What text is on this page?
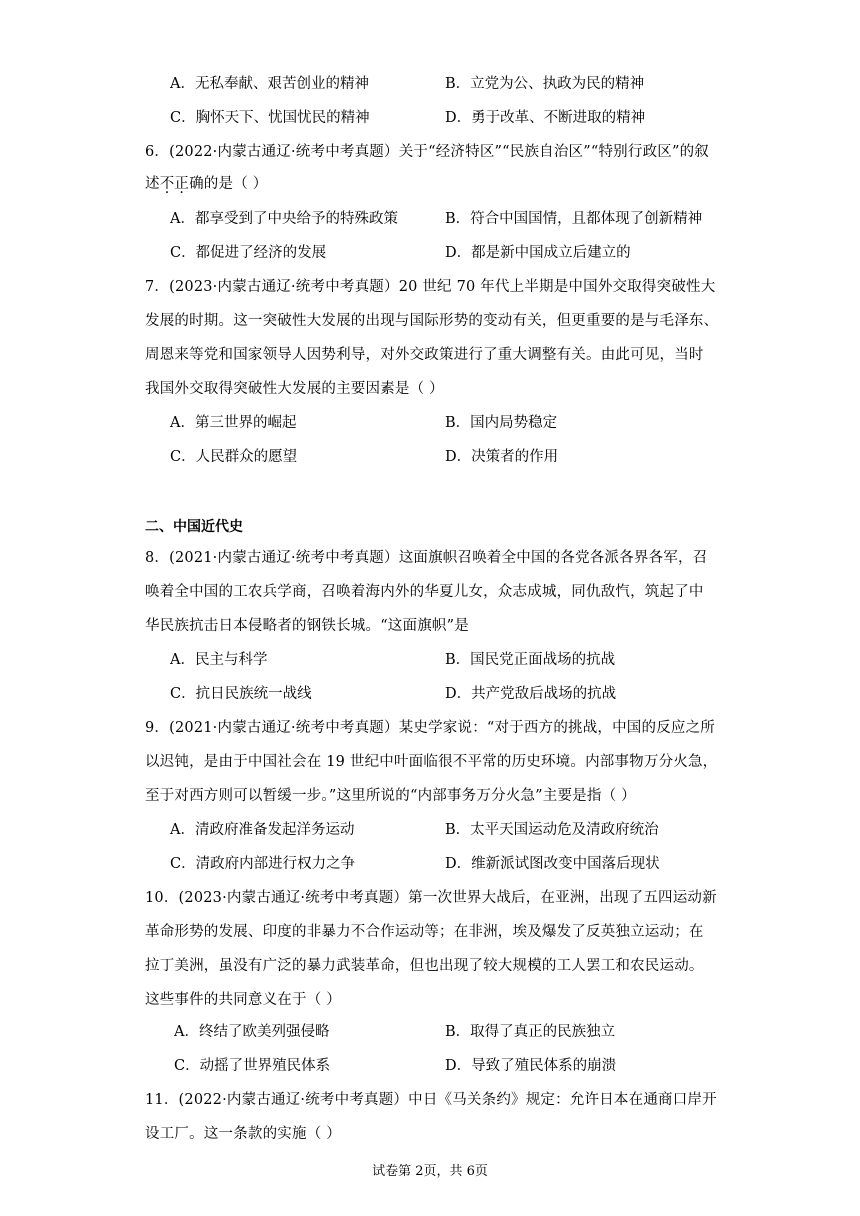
A．无私奉献、艰苦创业的精神	B．立党为公、执政为民的精神
C．胸怀天下、忧国忧民的精神	D．勇于改革、不断进取的精神
6．(2022·内蒙古通辽·统考中考真题）关于“经济特区”“民族自治区”“特别行政区”的叙
述不正确的是（ ）
A．都享受到了中央给予的特殊政策	B．符合中国国情，且都体现了创新精神
C．都促进了经济的发展	D．都是新中国成立后建立的
7．(2023·内蒙古通辽·统考中考真题）20 世纪 70 年代上半期是中国外交取得突破性大
发展的时期。这一突破性大发展的出现与国际形势的变动有关，但更重要的是与毛泽东、
周恩来等党和国家领导人因势利导，对外交政策进行了重大调整有关。由此可见，当时
我国外交取得突破性大发展的主要因素是（ ）
A．第三世界的崛起	B．国内局势稳定
C．人民群众的愿望	D．决策者的作用
二、中国近代史
8．(2021·内蒙古通辽·统考中考真题）这面旗帜召唤着全中国的各党各派各界各军，召
唤着全中国的工农兵学商，召唤着海内外的华夏儿女，众志成城，同仇敌忾，筑起了中
华民族抗击日本侵略者的钢铁长城。“这面旗帜”是
A．民主与科学	B．国民党正面战场的抗战
C．抗日民族统一战线	D．共产党敌后战场的抗战
9．(2021·内蒙古通辽·统考中考真题）某史学家说：“对于西方的挑战，中国的反应之所
以迟钝，是由于中国社会在 19 世纪中叶面临很不平常的历史环境。内部事物万分火急，
至于对西方则可以暂缓一步。”这里所说的“内部事务万分火急”主要是指（ ）
A．清政府准备发起洋务运动	B．太平天国运动危及清政府统治
C．清政府内部进行权力之争	D．维新派试图改变中国落后现状
10．(2023·内蒙古通辽·统考中考真题）第一次世界大战后，在亚洲，出现了五四运动新
革命形势的发展、印度的非暴力不合作运动等；在非洲，埃及爆发了反英独立运动；在
拉丁美洲，虽没有广泛的暴力武装革命，但也出现了较大规模的工人罢工和农民运动。
这些事件的共同意义在于（ ）
A．终结了欧美列强侵略	B．取得了真正的民族独立
C．动摇了世界殖民体系	D．导致了殖民体系的崩溃
11．(2022·内蒙古通辽·统考中考真题）中日《马关条约》规定：允许日本在通商口岸开
设工厂。这一条款的实施（ ）
试卷第 2页，共 6页
